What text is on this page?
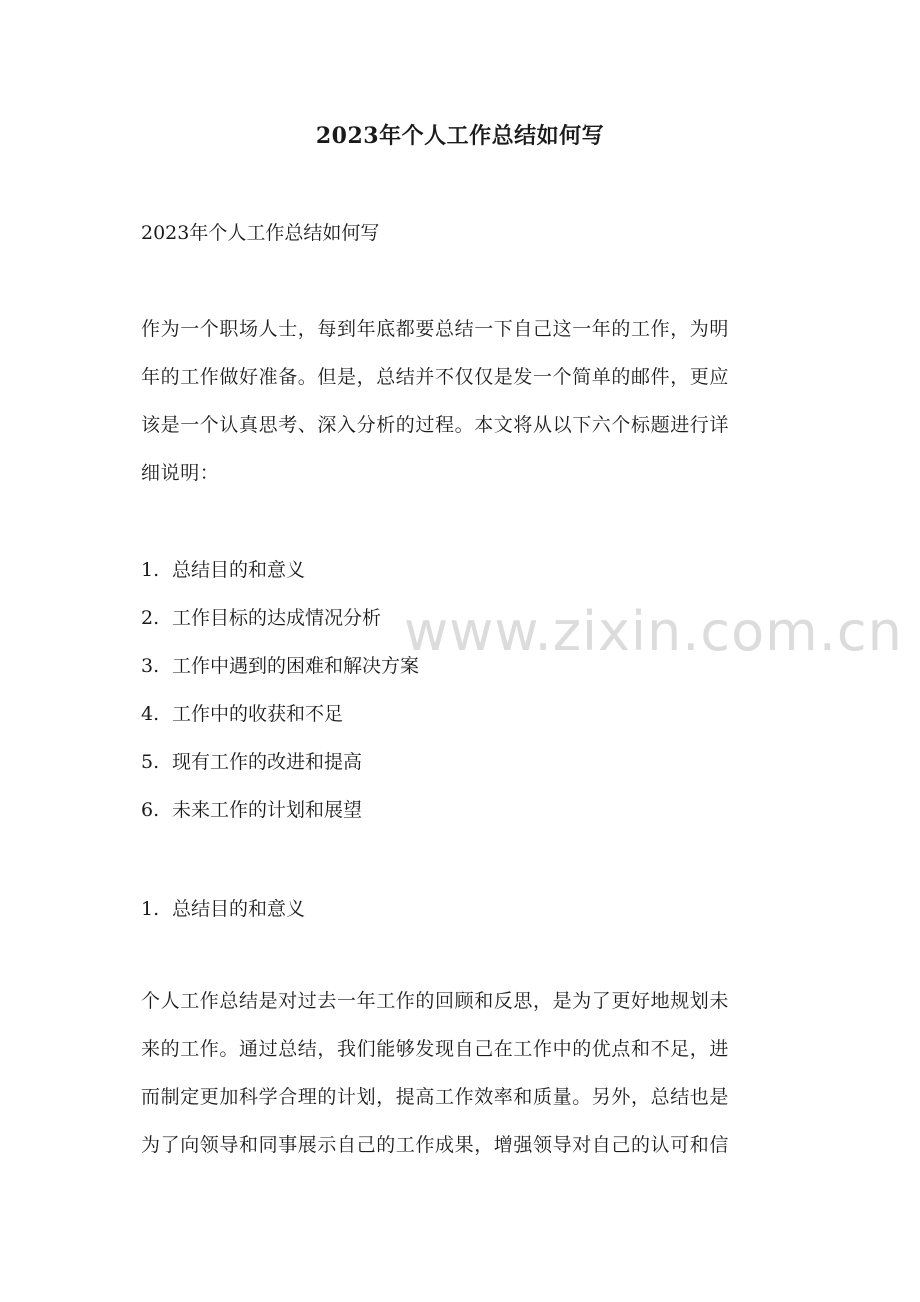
2023年个人工作总结如何写
2023年个人工作总结如何写

作为一个职场人士，每到年底都要总结一下自己这一年的工作，为明
年的工作做好准备。但是，总结并不仅仅是发一个简单的邮件，更应
该是一个认真思考、深入分析的过程。本文将从以下六个标题进行详
细说明：

1. 总结目的和意义
2. 工作目标的达成情况分析
3. 工作中遇到的困难和解决方案
4. 工作中的收获和不足
5. 现有工作的改进和提高
6. 未来工作的计划和展望
1. 总结目的和意义

个人工作总结是对过去一年工作的回顾和反思，是为了更好地规划未
来的工作。通过总结，我们能够发现自己在工作中的优点和不足，进
而制定更加科学合理的计划，提高工作效率和质量。另外，总结也是
为了向领导和同事展示自己的工作成果，增强领导对自己的认可和信

www.zixin.com.cn
